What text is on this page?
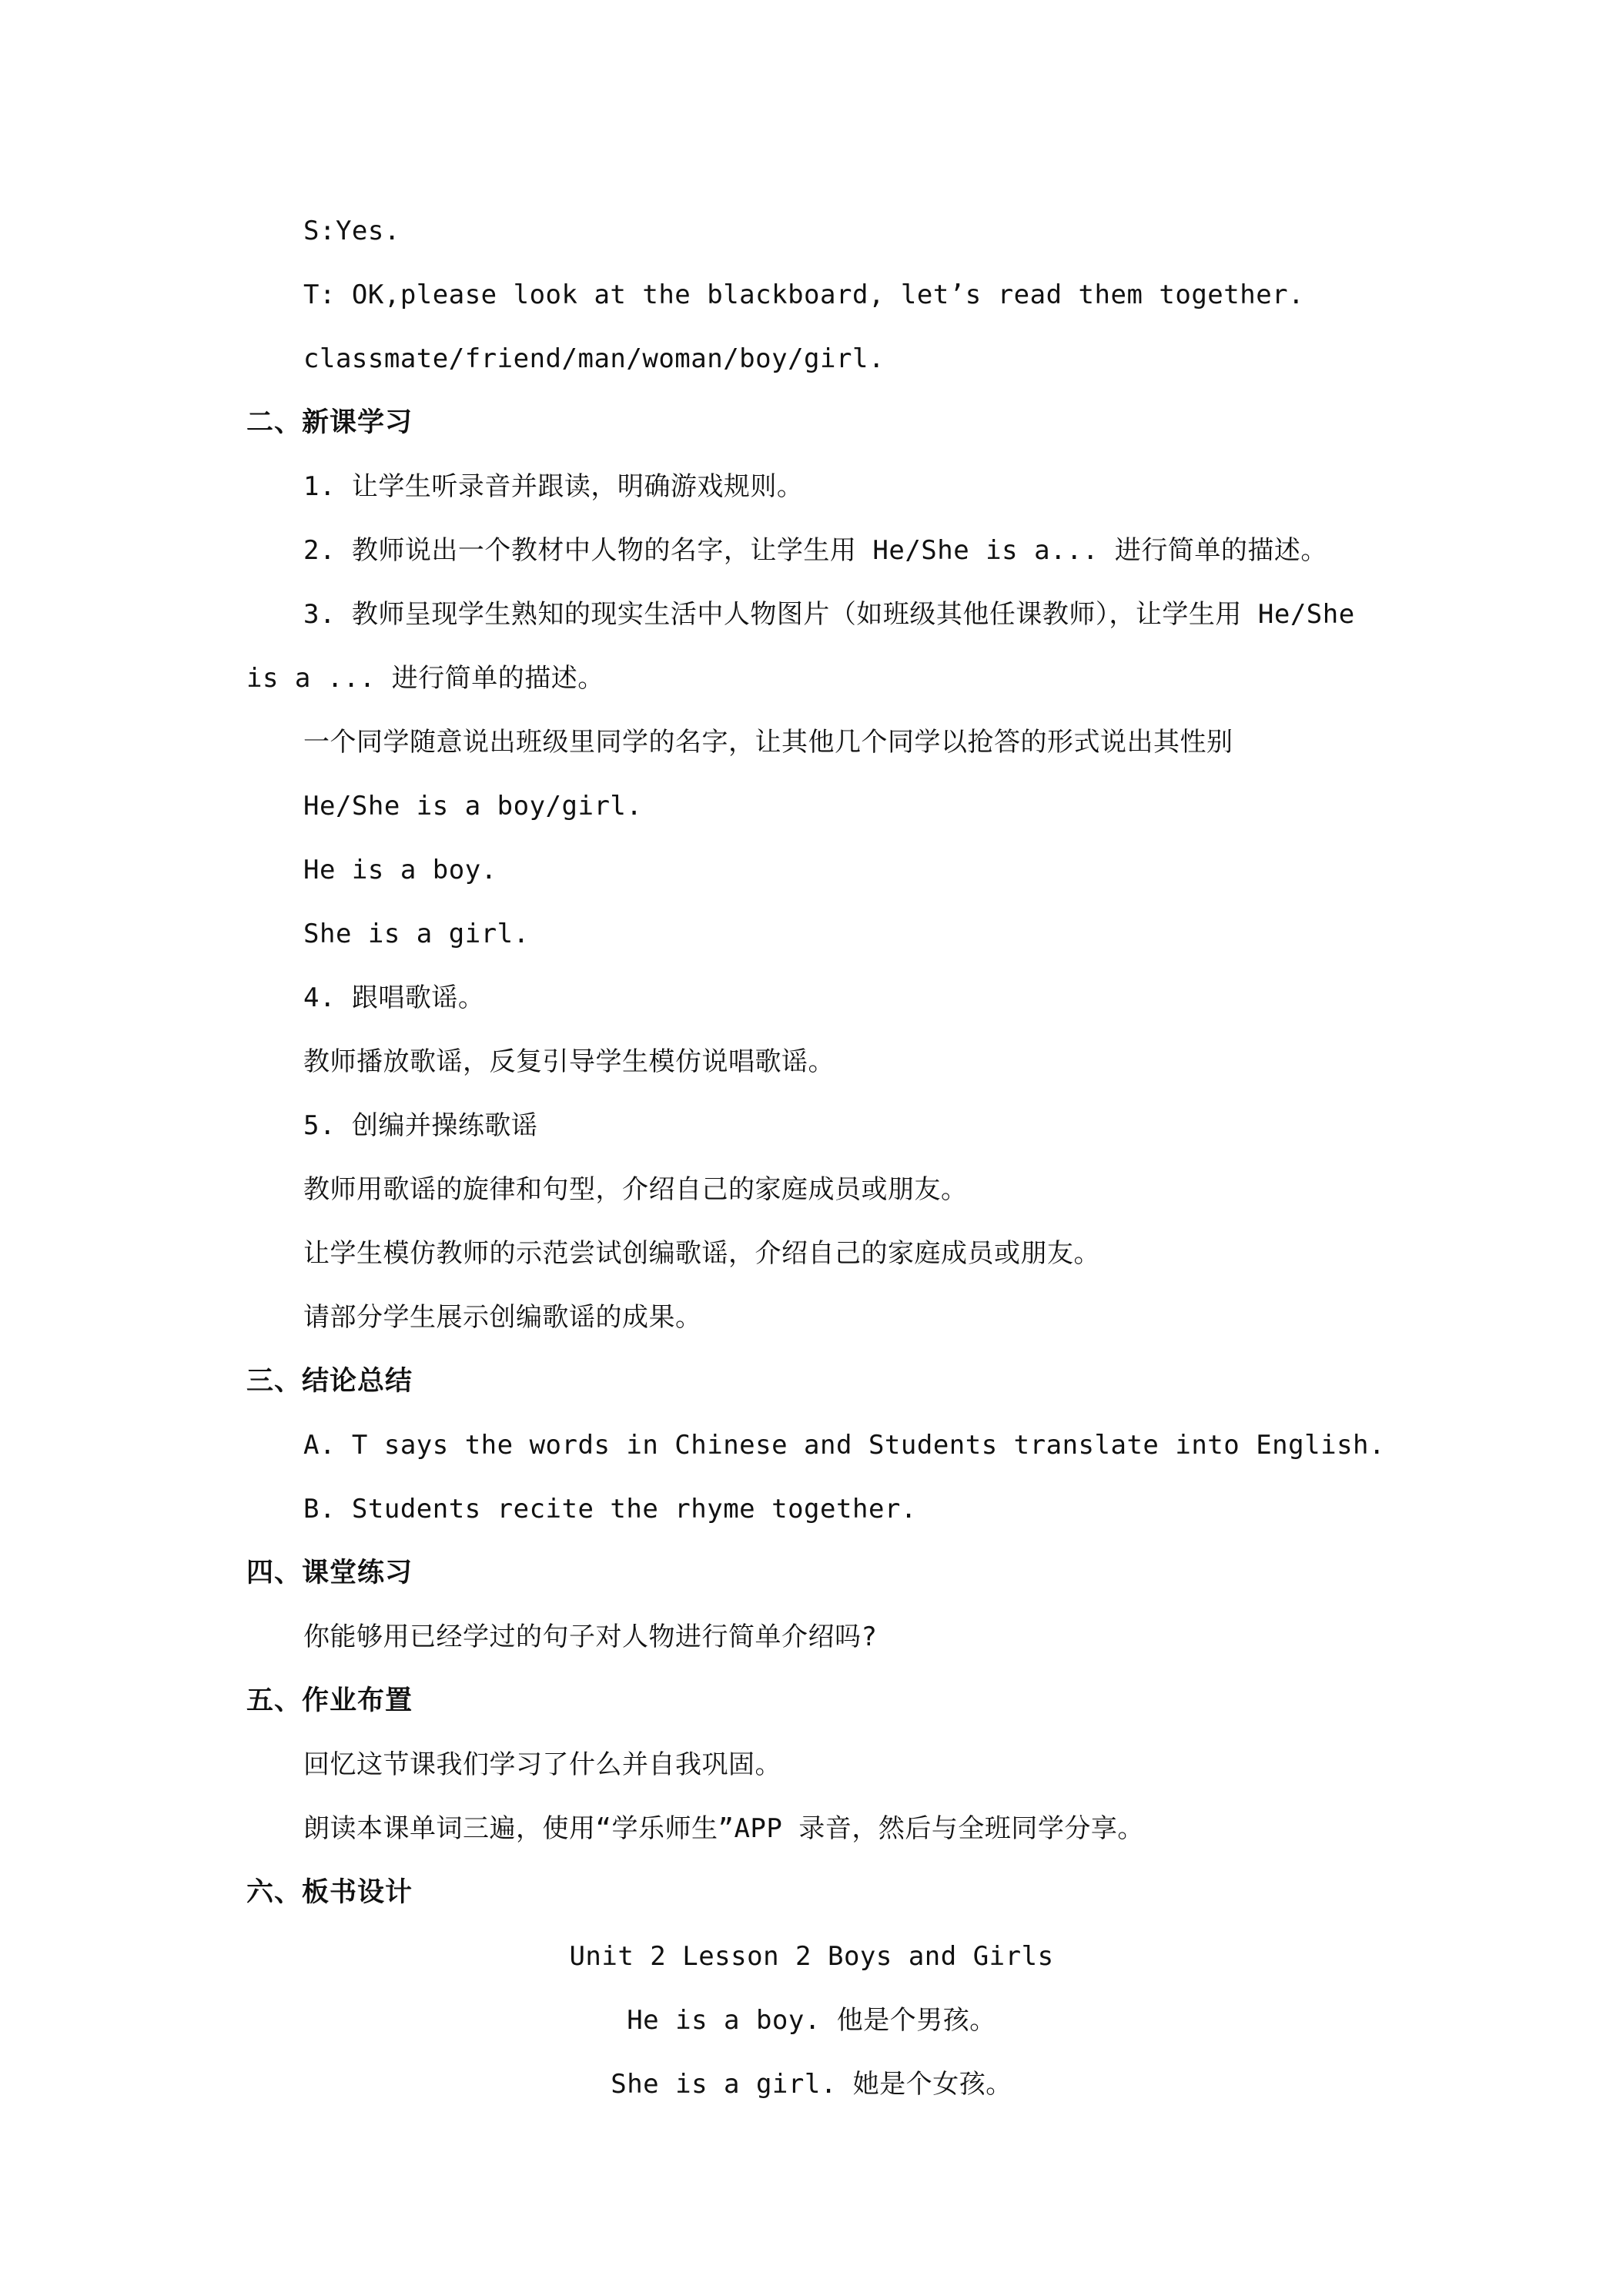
S:Yes.
T: OK,please look at the blackboard, let’s read them together.
classmate/friend/man/woman/boy/girl.
二、新课学习
1. 让学生听录音并跟读，明确游戏规则。
2. 教师说出一个教材中人物的名字，让学生用 He/She is a... 进行简单的描述。
3. 教师呈现学生熟知的现实生活中人物图片（如班级其他任课教师），让学生用 He/She
is a ... 进行简单的描述。
一个同学随意说出班级里同学的名字，让其他几个同学以抢答的形式说出其性别
He/She is a boy/girl.
He is a boy.
She is a girl.
4. 跟唱歌谣。
教师播放歌谣，反复引导学生模仿说唱歌谣。
5. 创编并操练歌谣
教师用歌谣的旋律和句型，介绍自己的家庭成员或朋友。
让学生模仿教师的示范尝试创编歌谣，介绍自己的家庭成员或朋友。
请部分学生展示创编歌谣的成果。
三、结论总结
A. T says the words in Chinese and Students translate into English.
B. Students recite the rhyme together.
四、课堂练习
你能够用已经学过的句子对人物进行简单介绍吗?
五、作业布置
回忆这节课我们学习了什么并自我巩固。
朗读本课单词三遍，使用“学乐师生”APP 录音，然后与全班同学分享。
六、板书设计
Unit 2 Lesson 2 Boys and Girls
He is a boy. 他是个男孩。
She is a girl. 她是个女孩。
